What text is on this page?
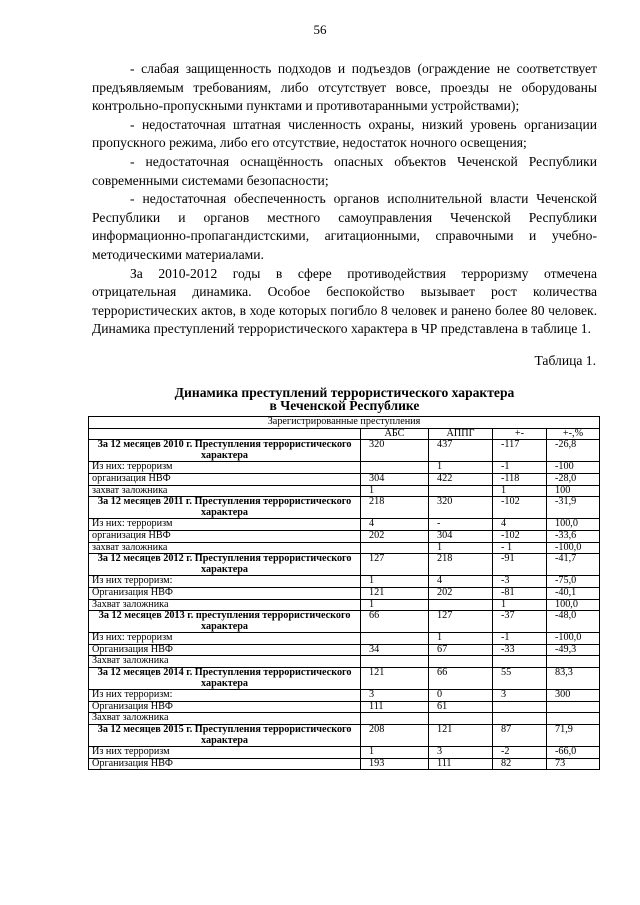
56

- слабая защищенность подходов и подъездов (ограждение не соответствует предъявляемым требованиям, либо отсутствует вовсе, проезды не оборудованы контрольно-пропускными пунктами и противотаранными устройствами);

- недостаточная штатная численность охраны, низкий уровень организации пропускного режима, либо его отсутствие, недостаток ночного освещения;

- недостаточная оснащённость опасных объектов Чеченской Республики современными системами безопасности;

- недостаточная обеспеченность органов исполнительной власти Чеченской Республики и органов местного самоуправления Чеченской Республики информационно-пропагандистскими, агитационными, справочными и учебно-методическими материалами.

За 2010-2012 годы в сфере противодействия терроризму отмечена отрицательная динамика. Особое беспокойство вызывает рост количества террористических актов, в ходе которых погибло 8 человек и ранено более 80 человек. Динамика преступлений террористического характера в ЧР представлена в таблице 1.

Таблица 1.
Динамика преступлений террористического характера
в Чеченской Республике
Зарегистрированные преступления				
	АБС	АППГ	+-	+-,%
За 12 месяцев 2010 г. Преступления террористического характера	320	437	-117	-26,8
Из них: терроризм		1	-1	-100
организация НВФ	304	422	-118	-28,0
захват заложника	1		1	100
За 12 месяцев 2011 г. Преступления террористического характера	218	320	-102	-31,9
Из них: терроризм	4	-	4	100,0
организация НВФ	202	304	-102	-33,6
захват заложника		1	- 1	-100,0
За 12 месяцев 2012 г. Преступления террористического характера	127	218	-91	-41,7
Из них терроризм:	1	4	-3	-75,0
Организация НВФ	121	202	-81	-40,1
Захват заложника	1		1	100,0
За 12 месяцев 2013 г. преступления террористического характера	66	127	-37	-48,0
Из них: терроризм		1	-1	-100,0
Организация НВФ	34	67	-33	-49,3
Захват заложника				
За 12 месяцев 2014 г. Преступления террористического характера	121	66	55	83,3
Из них терроризм:	3	0	3	300
Организация НВФ	111	61		
Захват заложника				
За 12 месяцев 2015 г. Преступления террористического характера	208	121	87	71,9
Из них терроризм	1	3	-2	-66,0
Организация НВФ	193	111	82	73
